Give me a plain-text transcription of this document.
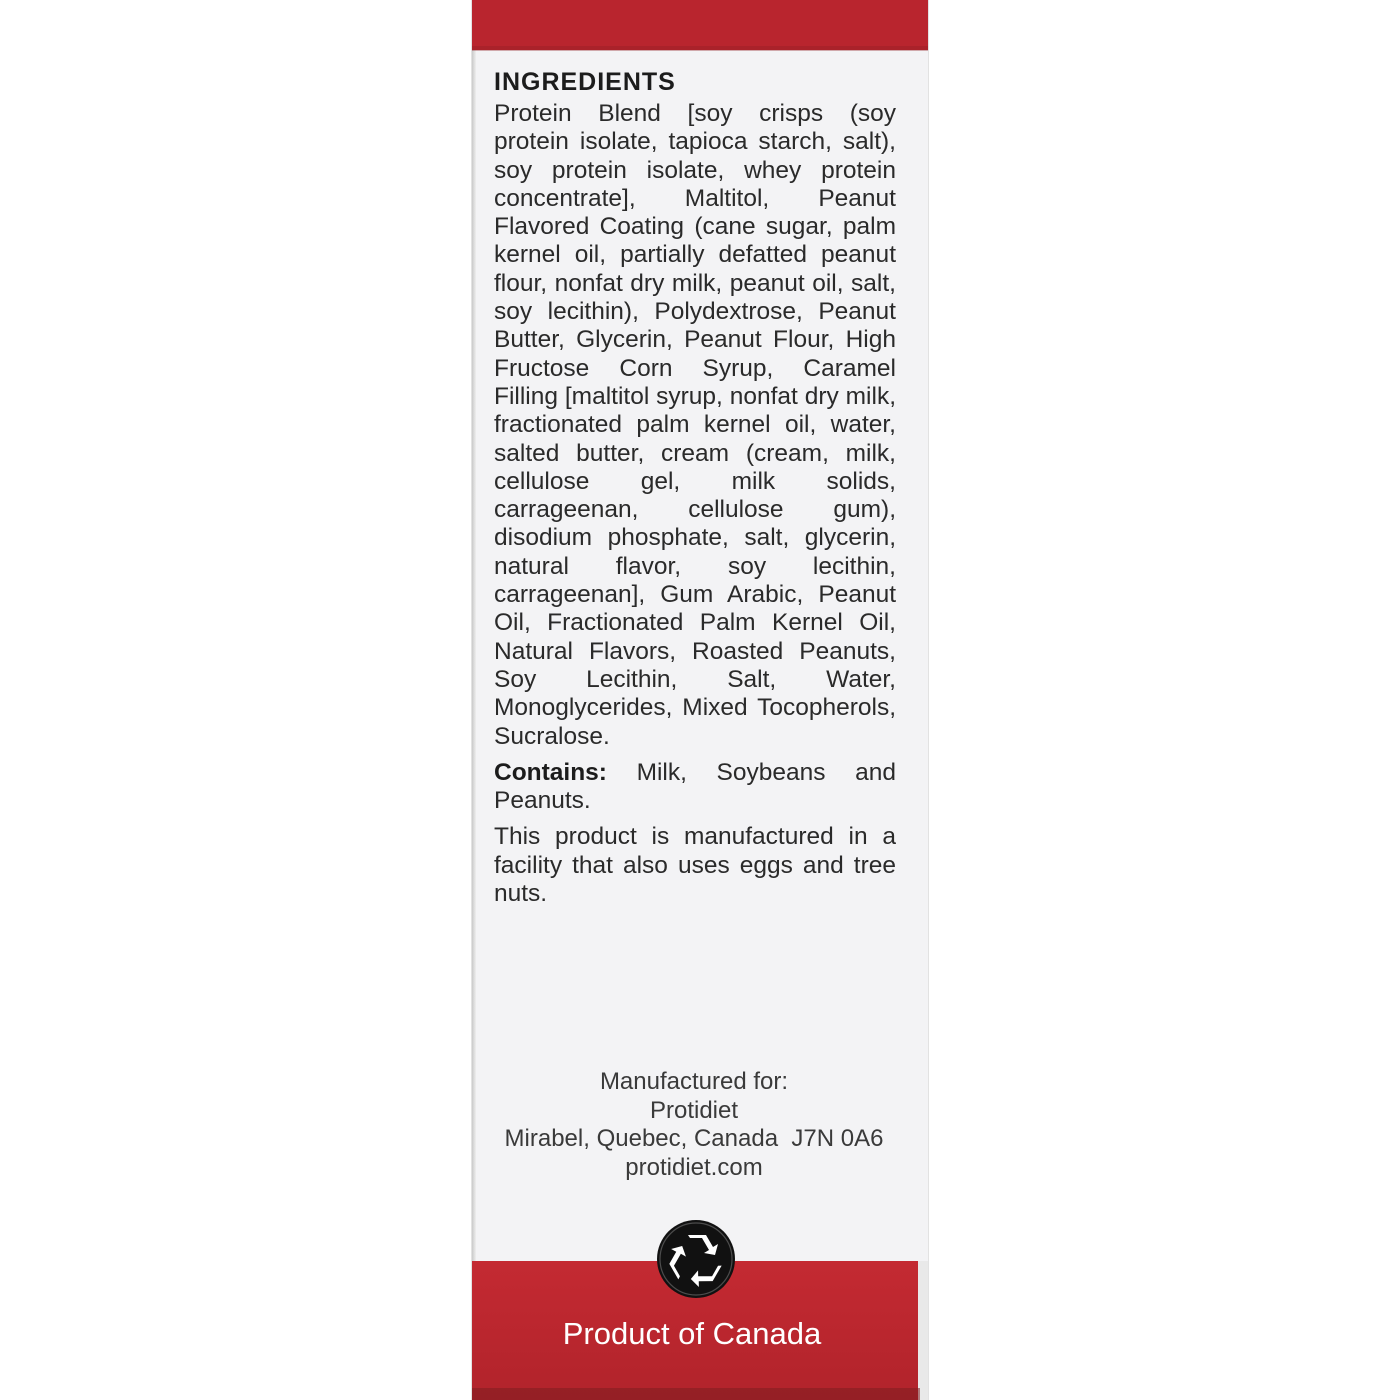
INGREDIENTS

Protein Blend [soy crisps (soy protein isolate, tapioca starch, salt), soy protein isolate, whey protein concentrate], Maltitol, Peanut Flavored Coating (cane sugar, palm kernel oil, partially defatted peanut flour, nonfat dry milk, peanut oil, salt, soy lecithin), Polydextrose, Peanut Butter, Glycerin, Peanut Flour, High Fructose Corn Syrup, Caramel Filling [maltitol syrup, nonfat dry milk, fractionated palm kernel oil, water, salted butter, cream (cream, milk, cellulose gel, milk solids, carrageenan, cellulose gum), disodium phosphate, salt, glycerin, natural flavor, soy lecithin, carrageenan], Gum Arabic, Peanut Oil, Fractionated Palm Kernel Oil, Natural Flavors, Roasted Peanuts, Soy Lecithin, Salt, Water, Monoglycerides, Mixed Tocopherols, Sucralose.

Contains: Milk, Soybeans and Peanuts.

This product is manufactured in a facility that also uses eggs and tree nuts.

Manufactured for:
Protidiet
Mirabel, Quebec, Canada  J7N 0A6
protidiet.com
Product of Canada
